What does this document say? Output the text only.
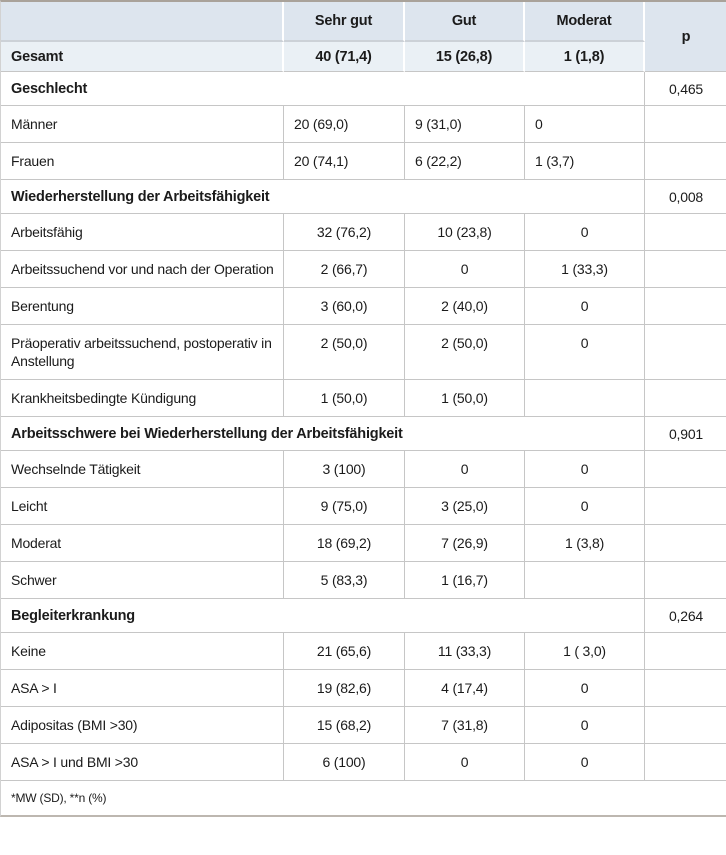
	Sehr gut	Gut	Moderat	p
Gesamt	40 (71,4)	15 (26,8)	1 (1,8)	
Geschlecht				0,465
Männer	20 (69,0)	9 (31,0)	0	
Frauen	20 (74,1)	6 (22,2)	1 (3,7)	
Wiederherstellung der Arbeitsfähigkeit				0,008
Arbeitsfähig	32 (76,2)	10 (23,8)	0	
Arbeitssuchend vor und nach der Operation	2 (66,7)	0	1 (33,3)	
Berentung	3 (60,0)	2 (40,0)	0	
Präoperativ arbeitssuchend, postoperativ in Anstellung	2 (50,0)	2 (50,0)	0	
Krankheitsbedingte Kündigung	1 (50,0)	1 (50,0)		
Arbeitsschwere bei Wiederherstellung der Arbeitsfähigkeit				0,901
Wechselnde Tätigkeit	3 (100)	0	0	
Leicht	9 (75,0)	3 (25,0)	0	
Moderat	18 (69,2)	7 (26,9)	1 (3,8)	
Schwer	5 (83,3)	1 (16,7)		
Begleiterkrankung				0,264
Keine	21 (65,6)	11 (33,3)	1 ( 3,0)	
ASA > I	19 (82,6)	4 (17,4)	0	
Adipositas (BMI >30)	15 (68,2)	7 (31,8)	0	
ASA > I und BMI >30	6 (100)	0	0	
*MW (SD), **n (%)				
